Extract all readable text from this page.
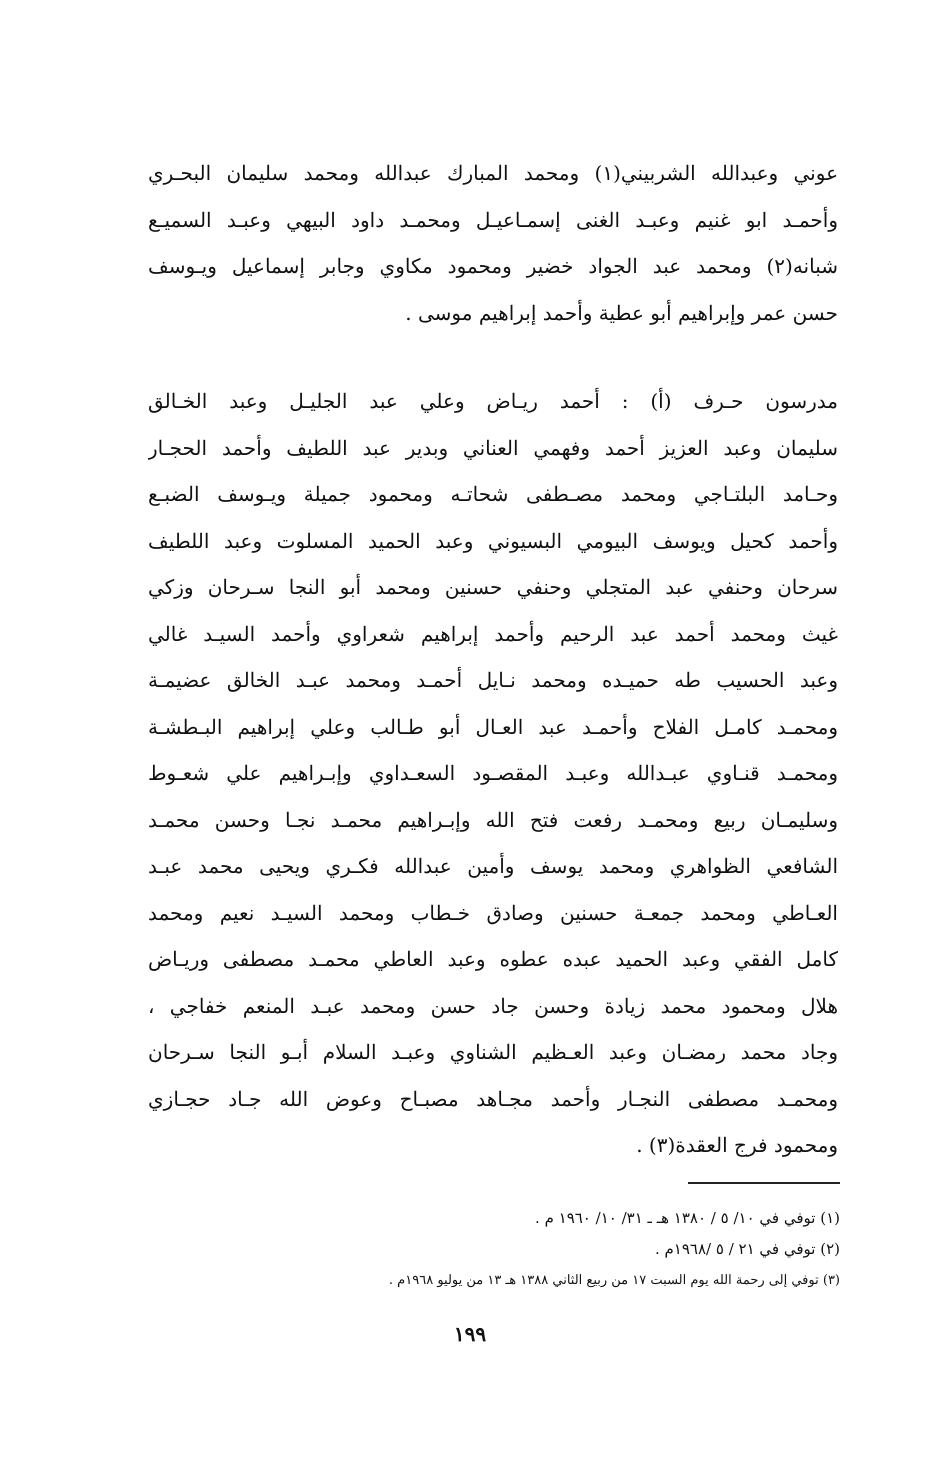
عوني وعبدالله الشربيني(١) ومحمد المبارك عبدالله ومحمد سليمان البحـري
وأحمـد ابو غنيم وعبـد الغنى إسمـاعيـل ومحمـد داود البيهي وعبـد السميـع
شبانه(٢) ومحمد عبد الجواد خضير ومحمود مكاوي وجابر إسماعيل ويـوسف
حسن عمر وإبراهيم أبو عطية وأحمد إبراهيم موسى .
مدرسون حـرف (أ) : أحمد ريـاض وعلي عبد الجليـل وعبد الخـالق
سليمان وعبد العزيز أحمد وفهمي العناني وبدير عبد اللطيف وأحمد الحجـار
وحـامد البلتـاجي ومحمد مصـطفى شحاتـه ومحمود جميلة ويـوسف الضبـع
وأحمد كحيل ويوسف البيومي البسيوني وعبد الحميد المسلوت وعبد اللطيف
سرحان وحنفي عبد المتجلي وحنفي حسنين ومحمد أبو النجا سـرحان وزكي
غيث ومحمد أحمد عبد الرحيم وأحمد إبراهيم شعراوي وأحمد السيـد غالي
وعبد الحسيب طه حميـده ومحمد نـايل أحمـد ومحمد عبـد الخالق عضيمـة
ومحمـد كامـل الفلاح وأحمـد عبد العـال أبو طـالب وعلي إبراهيم البـطشـة
ومحمـد قنـاوي عبـدالله وعبـد المقصـود السعـداوي وإبـراهيم علي شعـوط
وسليمـان ربيع ومحمـد رفعت فتح الله وإبـراهيم محمـد نجـا وحسن محمـد
الشافعي الظواهري ومحمد يوسف وأمين عبدالله فكـري ويحيى محمد عبـد
العـاطي ومحمد جمعـة حسنين وصادق خـطاب ومحمد السيـد نعيم ومحمد
كامل الفقي وعبد الحميد عبده عطوه وعبد العاطي محمـد مصطفى وريـاض
هلال ومحمود محمد زيادة وحسن جاد حسن ومحمد عبـد المنعم خفاجي ،
وجاد محمد رمضـان وعبد العـظيم الشناوي وعبـد السلام أبـو النجا سـرحان
ومحمـد مصطفى النجـار وأحمد مجـاهد مصبـاح وعوض الله جـاد حجـازي
ومحمود فرج العقدة(٣) .
(١) توفي في ١٠/ ٥ / ١٣٨٠ هـ ـ ٣١/ ١٠/ ١٩٦٠ م .
(٢) توفي في ٢١ / ٥ /١٩٦٨م .
(٣) توفي إلى رحمة الله يوم السبت ١٧ من ربيع الثاني ١٣٨٨ هـ ١٣ من يوليو ١٩٦٨م .
١٩٩
